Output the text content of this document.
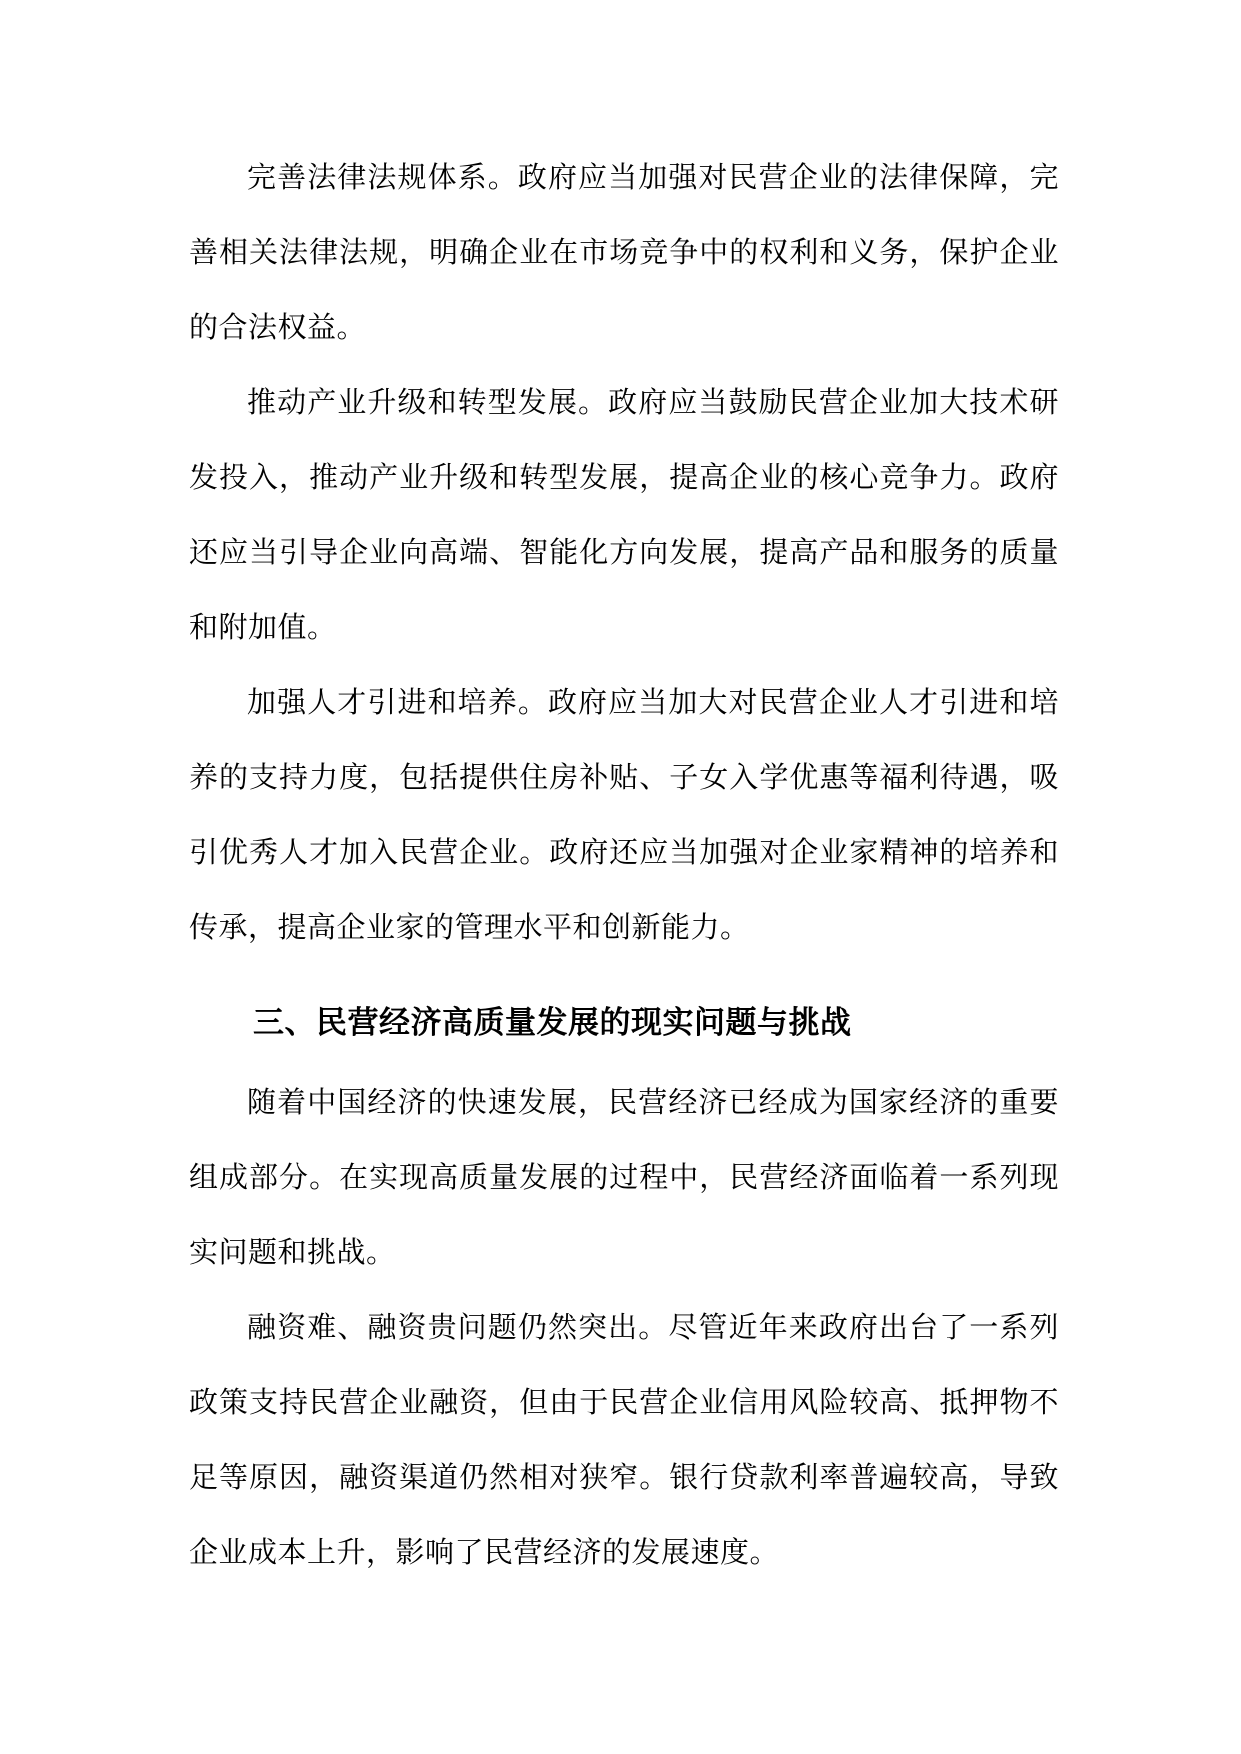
完善法律法规体系。政府应当加强对民营企业的法律保障，完善相关法律法规，明确企业在市场竞争中的权利和义务，保护企业的合法权益。

推动产业升级和转型发展。政府应当鼓励民营企业加大技术研发投入，推动产业升级和转型发展，提高企业的核心竞争力。政府还应当引导企业向高端、智能化方向发展，提高产品和服务的质量和附加值。

加强人才引进和培养。政府应当加大对民营企业人才引进和培养的支持力度，包括提供住房补贴、子女入学优惠等福利待遇，吸引优秀人才加入民营企业。政府还应当加强对企业家精神的培养和传承，提高企业家的管理水平和创新能力。

三、民营经济高质量发展的现实问题与挑战

随着中国经济的快速发展，民营经济已经成为国家经济的重要组成部分。在实现高质量发展的过程中，民营经济面临着一系列现实问题和挑战。

融资难、融资贵问题仍然突出。尽管近年来政府出台了一系列政策支持民营企业融资，但由于民营企业信用风险较高、抵押物不足等原因，融资渠道仍然相对狭窄。银行贷款利率普遍较高，导致企业成本上升，影响了民营经济的发展速度。
